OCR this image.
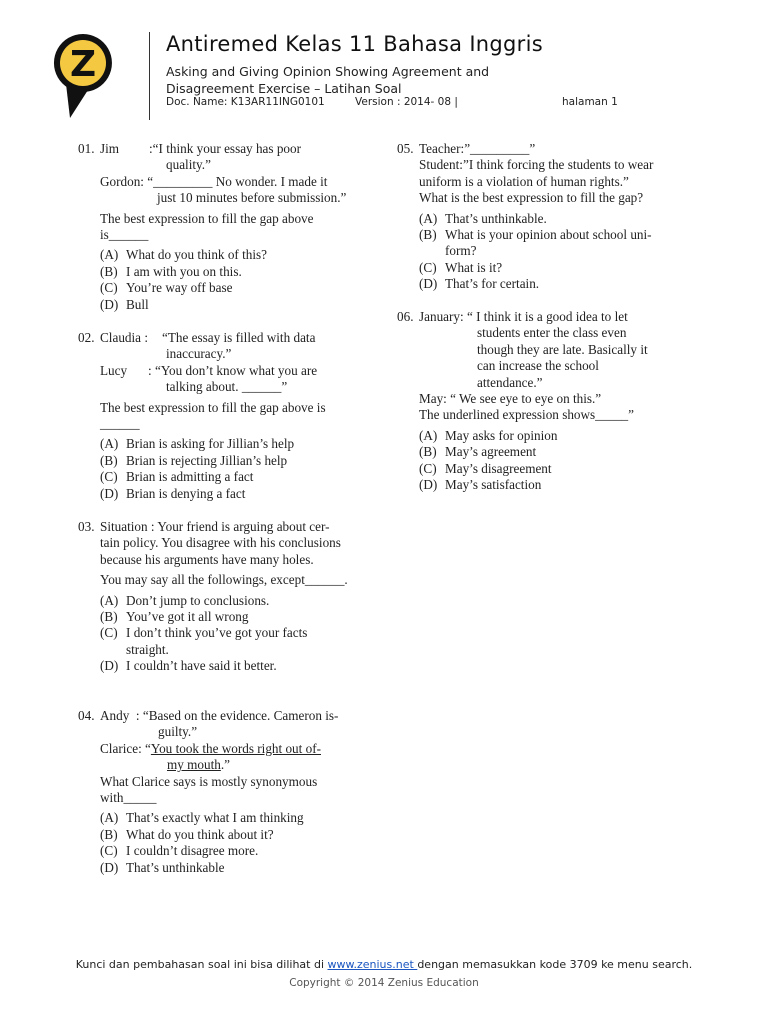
Z	Antiremed Kelas 11 Bahasa Inggris
Asking and Giving Opinion Showing Agreement and
Disagreement Exercise – Latihan Soal
Doc. Name: K13AR11ING0101	Version : 2014- 08 |	halaman 1
01. Jim :“I think your essay has poor
quality.”
Gordon: “_________ No wonder. I made it
just 10 minutes before submission.”
The best expression to fill the gap above
is______
(A) What do you think of this?
(B) I am with you on this.
(C) You’re way off base
(D) Bull
02. Claudia : “The essay is filled with data
inaccuracy.”
Lucy : “You don’t know what you are
talking about. ______”
The best expression to fill the gap above is
______
(A) Brian is asking for Jillian’s help
(B) Brian is rejecting Jillian’s help
(C) Brian is admitting a fact
(D) Brian is denying a fact
03. Situation : Your friend is arguing about cer-
tain policy. You disagree with his conclusions
because his arguments have many holes.
You may say all the followings, except______.
(A) Don’t jump to conclusions.
(B) You’ve got it all wrong
(C) I don’t think you’ve got your facts
straight.
(D) I couldn’t have said it better.
04. Andy  : “Based on the evidence. Cameron is-
guilty.”
Clarice: “You took the words right out of-
my mouth.”
What Clarice says is mostly synonymous
with_____
(A) That’s exactly what I am thinking
(B) What do you think about it?
(C) I couldn’t disagree more.
(D) That’s unthinkable
05. Teacher:”_________”
Student:”I think forcing the students to wear
uniform is a violation of human rights.”
What is the best expression to fill the gap?
(A) That’s unthinkable.
(B) What is your opinion about school uni-
form?
(C) What is it?
(D) That’s for certain.
06. January: “ I think it is a good idea to let
students enter the class even
though they are late. Basically it
can increase the school
attendance.”
May: “ We see eye to eye on this.”
The underlined expression shows_____”
(A) May asks for opinion
(B) May’s agreement
(C) May’s disagreement
(D) May’s satisfaction
Kunci dan pembahasan soal ini bisa dilihat di www.zenius.net dengan memasukkan kode 3709 ke menu search.
Copyright © 2014 Zenius Education
